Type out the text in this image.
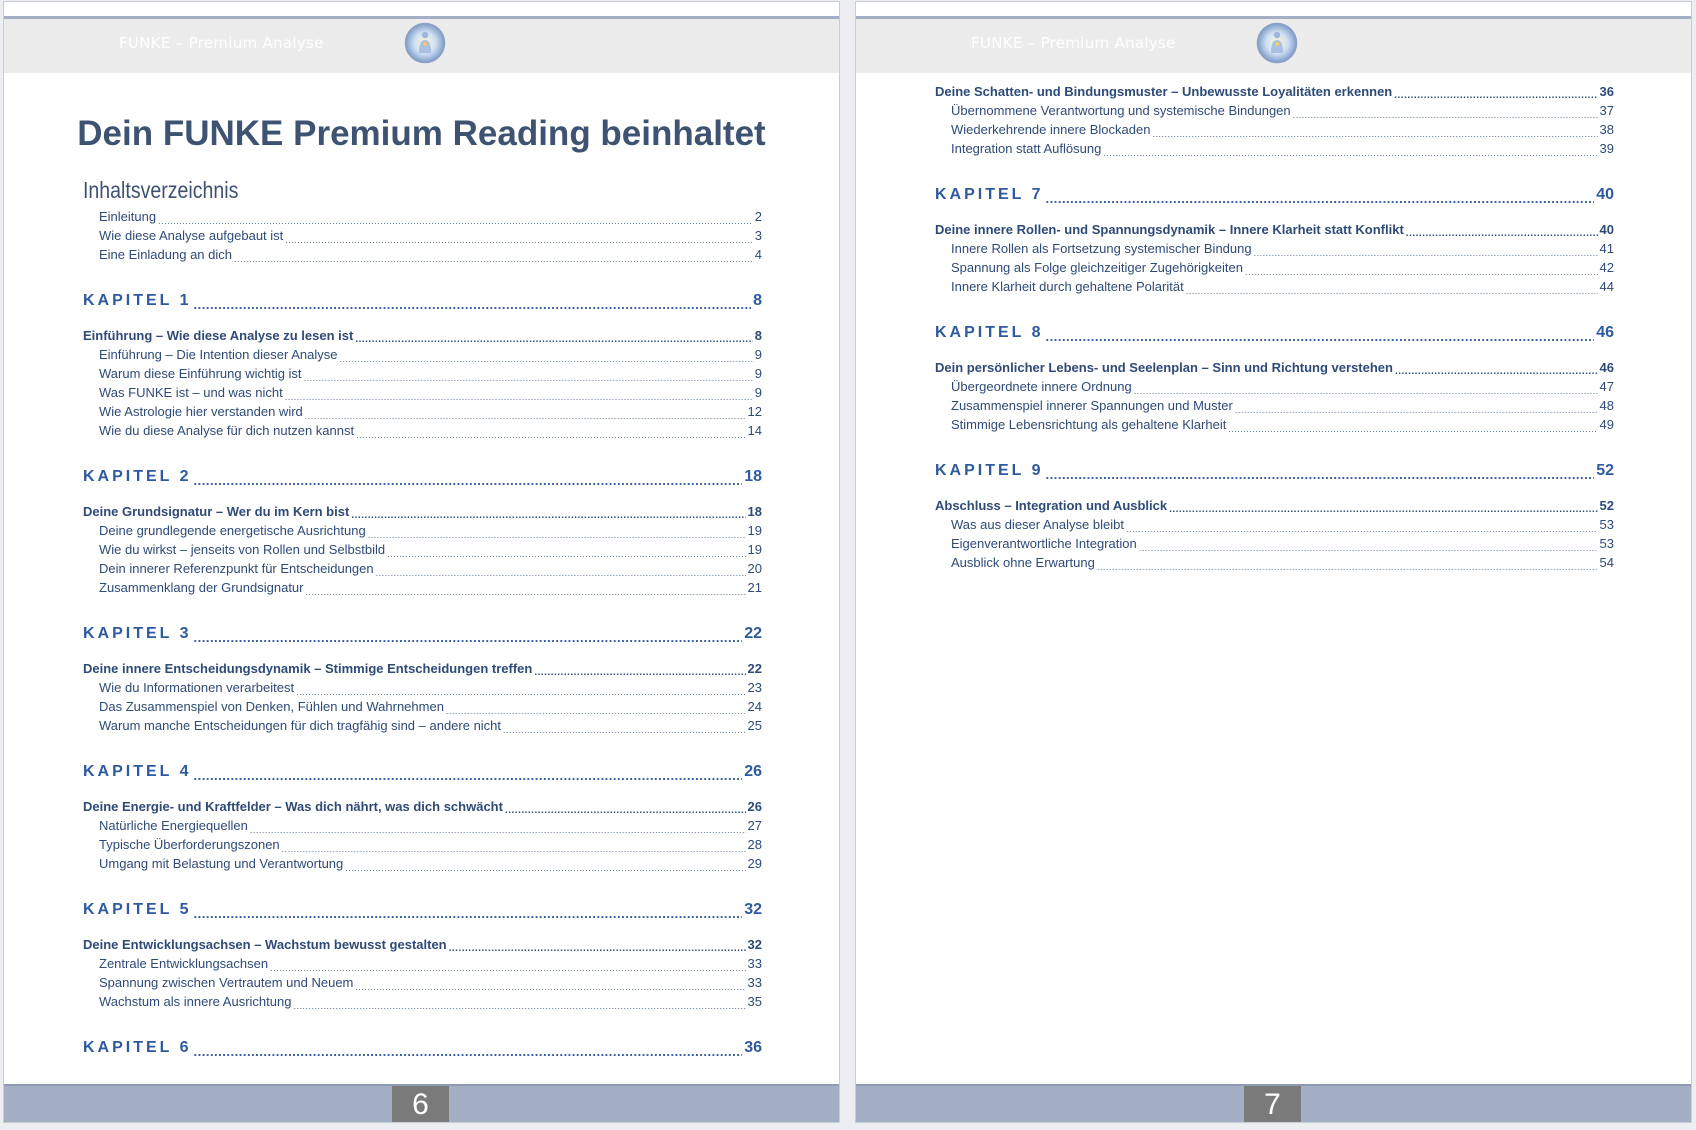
FUNKE – Premium Analyse
Dein FUNKE Premium Reading beinhaltet
Inhaltsverzeichnis
Einleitung .....	2
Wie diese Analyse aufgebaut ist .....	3
Eine Einladung an dich .....	4
KAPITEL 1 .....	8
Einführung – Wie diese Analyse zu lesen ist .....	8
Einführung – Die Intention dieser Analyse .....	9
Warum diese Einführung wichtig ist .....	9
Was FUNKE ist – und was nicht .....	9
Wie Astrologie hier verstanden wird .....	12
Wie du diese Analyse für dich nutzen kannst .....	14
KAPITEL 2 .....	18
Deine Grundsignatur – Wer du im Kern bist .....	18
Deine grundlegende energetische Ausrichtung .....	19
Wie du wirkst – jenseits von Rollen und Selbstbild .....	19
Dein innerer Referenzpunkt für Entscheidungen .....	20
Zusammenklang der Grundsignatur .....	21
KAPITEL 3 .....	22
Deine innere Entscheidungsdynamik – Stimmige Entscheidungen treffen .....	22
Wie du Informationen verarbeitest .....	23
Das Zusammenspiel von Denken, Fühlen und Wahrnehmen .....	24
Warum manche Entscheidungen für dich tragfähig sind – andere nicht .....	25
KAPITEL 4 .....	26
Deine Energie- und Kraftfelder – Was dich nährt, was dich schwächt .....	26
Natürliche Energiequellen .....	27
Typische Überforderungszonen .....	28
Umgang mit Belastung und Verantwortung .....	29
KAPITEL 5 .....	32
Deine Entwicklungsachsen – Wachstum bewusst gestalten .....	32
Zentrale Entwicklungsachsen .....	33
Spannung zwischen Vertrautem und Neuem .....	33
Wachstum als innere Ausrichtung .....	35
KAPITEL 6 .....	36
6
FUNKE – Premium Analyse
Deine Schatten- und Bindungsmuster – Unbewusste Loyalitäten erkennen .....	36
Übernommene Verantwortung und systemische Bindungen .....	37
Wiederkehrende innere Blockaden .....	38
Integration statt Auflösung .....	39
KAPITEL 7 .....	40
Deine innere Rollen- und Spannungsdynamik – Innere Klarheit statt Konflikt .....	40
Innere Rollen als Fortsetzung systemischer Bindung .....	41
Spannung als Folge gleichzeitiger Zugehörigkeiten .....	42
Innere Klarheit durch gehaltene Polarität .....	44
KAPITEL 8 .....	46
Dein persönlicher Lebens- und Seelenplan – Sinn und Richtung verstehen .....	46
Übergeordnete innere Ordnung .....	47
Zusammenspiel innerer Spannungen und Muster .....	48
Stimmige Lebensrichtung als gehaltene Klarheit .....	49
KAPITEL 9 .....	52
Abschluss – Integration und Ausblick .....	52
Was aus dieser Analyse bleibt .....	53
Eigenverantwortliche Integration .....	53
Ausblick ohne Erwartung .....	54
7
